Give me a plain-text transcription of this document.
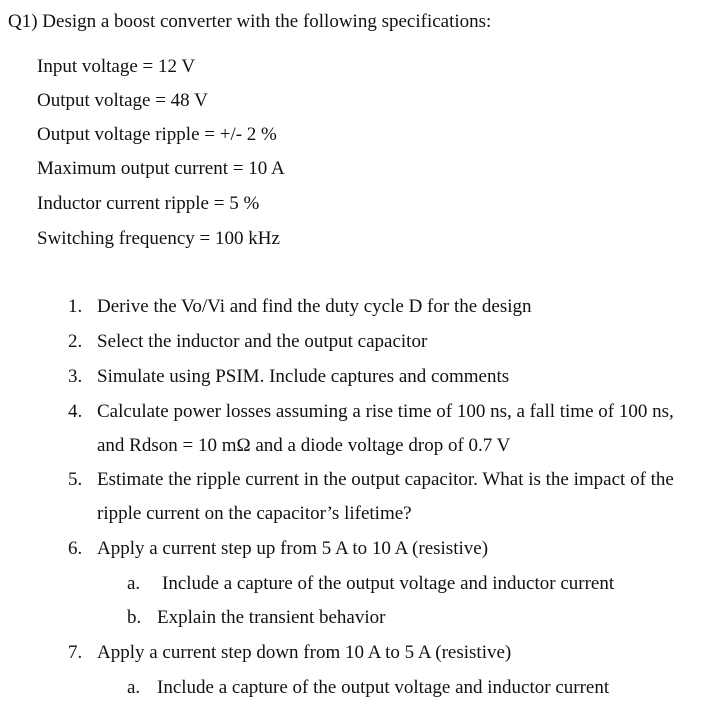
Q1) Design a boost converter with the following specifications:
Input voltage = 12 V
Output voltage = 48 V
Output voltage ripple = +/- 2 %
Maximum output current = 10 A
Inductor current ripple = 5 %
Switching frequency = 100 kHz
1. Derive the Vo/Vi and find the duty cycle D for the design
2. Select the inductor and the output capacitor
3. Simulate using PSIM. Include captures and comments
4. Calculate power losses assuming a rise time of 100 ns, a fall time of 100 ns,
and Rdson = 10 mΩ and a diode voltage drop of 0.7 V
5. Estimate the ripple current in the output capacitor. What is the impact of the
ripple current on the capacitor’s lifetime?
6. Apply a current step up from 5 A to 10 A (resistive)
a. Include a capture of the output voltage and inductor current
b. Explain the transient behavior
7. Apply a current step down from 10 A to 5 A (resistive)
a. Include a capture of the output voltage and inductor current
